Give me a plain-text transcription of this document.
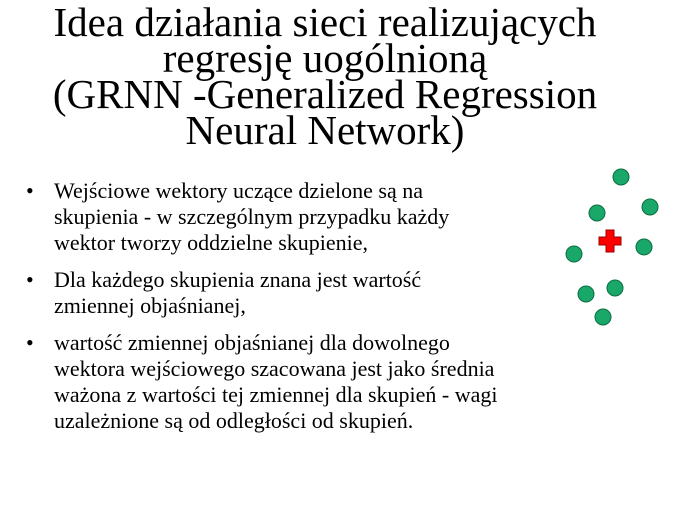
Idea działania sieci realizujących
regresję uogólnioną
(GRNN -Generalized Regression
Neural Network)
• Wejściowe wektory uczące dzielone są na
skupienia - w szczególnym przypadku każdy
wektor tworzy oddzielne skupienie,
• Dla każdego skupienia znana jest wartość
zmiennej objaśnianej,
• wartość zmiennej objaśnianej dla dowolnego
wektora wejściowego szacowana jest jako średnia
ważona z wartości tej zmiennej dla skupień - wagi
uzależnione są od odległości od skupień.
